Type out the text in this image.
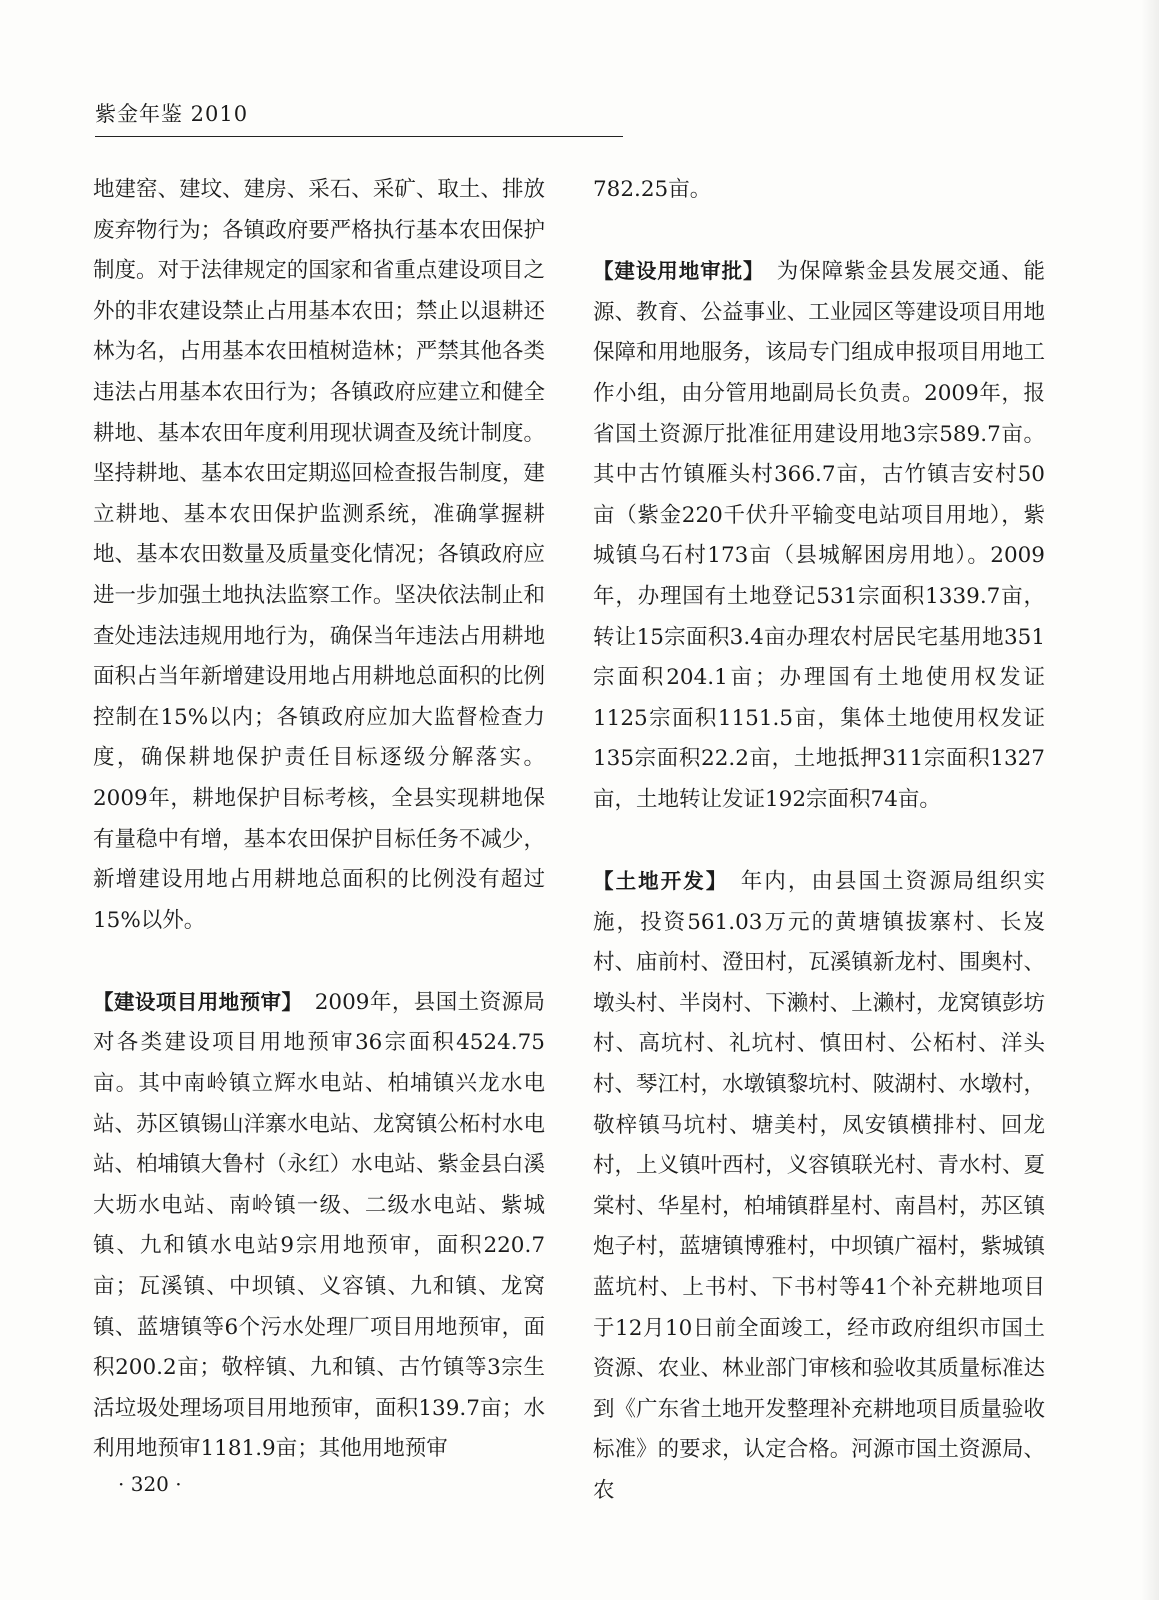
紫金年鉴 2010

地建窑、建坟、建房、采石、采矿、取土、排放废弃物行为；各镇政府要严格执行基本农田保护制度。对于法律规定的国家和省重点建设项目之外的非农建设禁止占用基本农田；禁止以退耕还林为名，占用基本农田植树造林；严禁其他各类违法占用基本农田行为；各镇政府应建立和健全耕地、基本农田年度利用现状调查及统计制度。坚持耕地、基本农田定期巡回检查报告制度，建立耕地、基本农田保护监测系统，准确掌握耕地、基本农田数量及质量变化情况；各镇政府应进一步加强土地执法监察工作。坚决依法制止和查处违法违规用地行为，确保当年违法占用耕地面积占当年新增建设用地占用耕地总面积的比例控制在15%以内；各镇政府应加大监督检查力度，确保耕地保护责任目标逐级分解落实。2009年，耕地保护目标考核，全县实现耕地保有量稳中有增，基本农田保护目标任务不减少，新增建设用地占用耕地总面积的比例没有超过15%以外。

【建设项目用地预审】 2009年，县国土资源局对各类建设项目用地预审36宗面积4524.75亩。其中南岭镇立辉水电站、柏埔镇兴龙水电站、苏区镇锡山洋寨水电站、龙窝镇公柘村水电站、柏埔镇大鲁村（永红）水电站、紫金县白溪大坜水电站、南岭镇一级、二级水电站、紫城镇、九和镇水电站9宗用地预审，面积220.7亩；瓦溪镇、中坝镇、义容镇、九和镇、龙窝镇、蓝塘镇等6个污水处理厂项目用地预审，面积200.2亩；敬梓镇、九和镇、古竹镇等3宗生活垃圾处理场项目用地预审，面积139.7亩；水利用地预审1181.9亩；其他用地预审

782.25亩。

【建设用地审批】 为保障紫金县发展交通、能源、教育、公益事业、工业园区等建设项目用地保障和用地服务，该局专门组成申报项目用地工作小组，由分管用地副局长负责。2009年，报省国土资源厅批准征用建设用地3宗589.7亩。其中古竹镇雁头村366.7亩，古竹镇吉安村50亩（紫金220千伏升平输变电站项目用地），紫城镇乌石村173亩（县城解困房用地）。2009年，办理国有土地登记531宗面积1339.7亩，转让15宗面积3.4亩办理农村居民宅基用地351宗面积204.1亩；办理国有土地使用权发证1125宗面积1151.5亩，集体土地使用权发证135宗面积22.2亩，土地抵押311宗面积1327亩，土地转让发证192宗面积74亩。

【土地开发】 年内，由县国土资源局组织实施，投资561.03万元的黄塘镇拔寨村、长岌村、庙前村、澄田村，瓦溪镇新龙村、围奥村、墩头村、半岗村、下濑村、上濑村，龙窝镇彭坊村、高坑村、礼坑村、慎田村、公柘村、洋头村、琴江村，水墩镇黎坑村、陂湖村、水墩村，敬梓镇马坑村、塘美村，凤安镇横排村、回龙村，上义镇叶西村，义容镇联光村、青水村、夏棠村、华星村，柏埔镇群星村、南昌村，苏区镇炮子村，蓝塘镇博雅村，中坝镇广福村，紫城镇蓝坑村、上书村、下书村等41个补充耕地项目于12月10日前全面竣工，经市政府组织市国土资源、农业、林业部门审核和验收其质量标准达到《广东省土地开发整理补充耕地项目质量验收标准》的要求，认定合格。河源市国土资源局、农

· 320 ·
